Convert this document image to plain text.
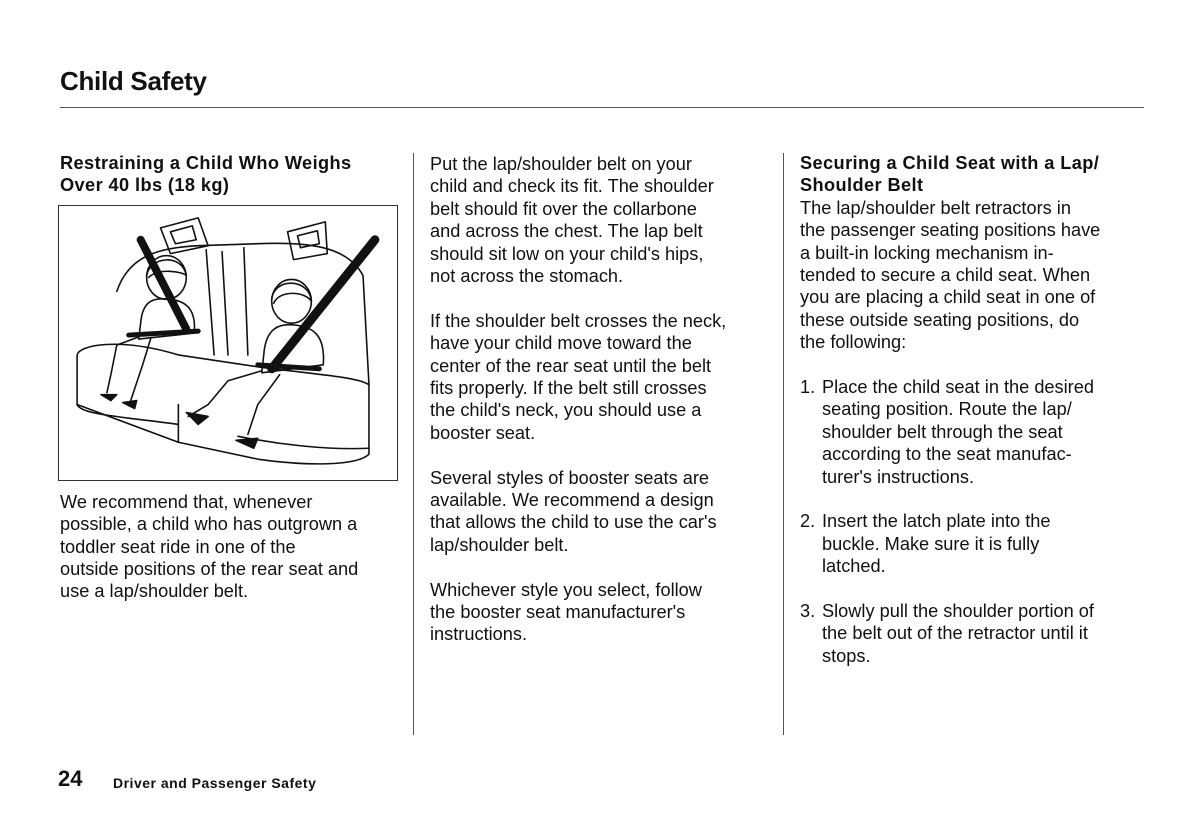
Child Safety
Restraining a Child Who Weighs
Over 40 lbs (18 kg)
We recommend that, whenever
possible, a child who has outgrown a
toddler seat ride in one of the
outside positions of the rear seat and
use a lap/shoulder belt.

Put the lap/shoulder belt on your
child and check its fit. The shoulder
belt should fit over the collarbone
and across the chest. The lap belt
should sit low on your child's hips,
not across the stomach.

If the shoulder belt crosses the neck,
have your child move toward the
center of the rear seat until the belt
fits properly. If the belt still crosses
the child's neck, you should use a
booster seat.

Several styles of booster seats are
available. We recommend a design
that allows the child to use the car's
lap/shoulder belt.

Whichever style you select, follow
the booster seat manufacturer's
instructions.

Securing a Child Seat with a Lap/
Shoulder Belt

The lap/shoulder belt retractors in
the passenger seating positions have
a built-in locking mechanism in-
tended to secure a child seat. When
you are placing a child seat in one of
these outside seating positions, do
the following:

1. Place the child seat in the desired
seating position. Route the lap/
shoulder belt through the seat
according to the seat manufac-
turer's instructions.
2. Insert the latch plate into the
buckle. Make sure it is fully
latched.
3. Slowly pull the shoulder portion of
the belt out of the retractor until it
stops.
24 Driver and Passenger Safety
